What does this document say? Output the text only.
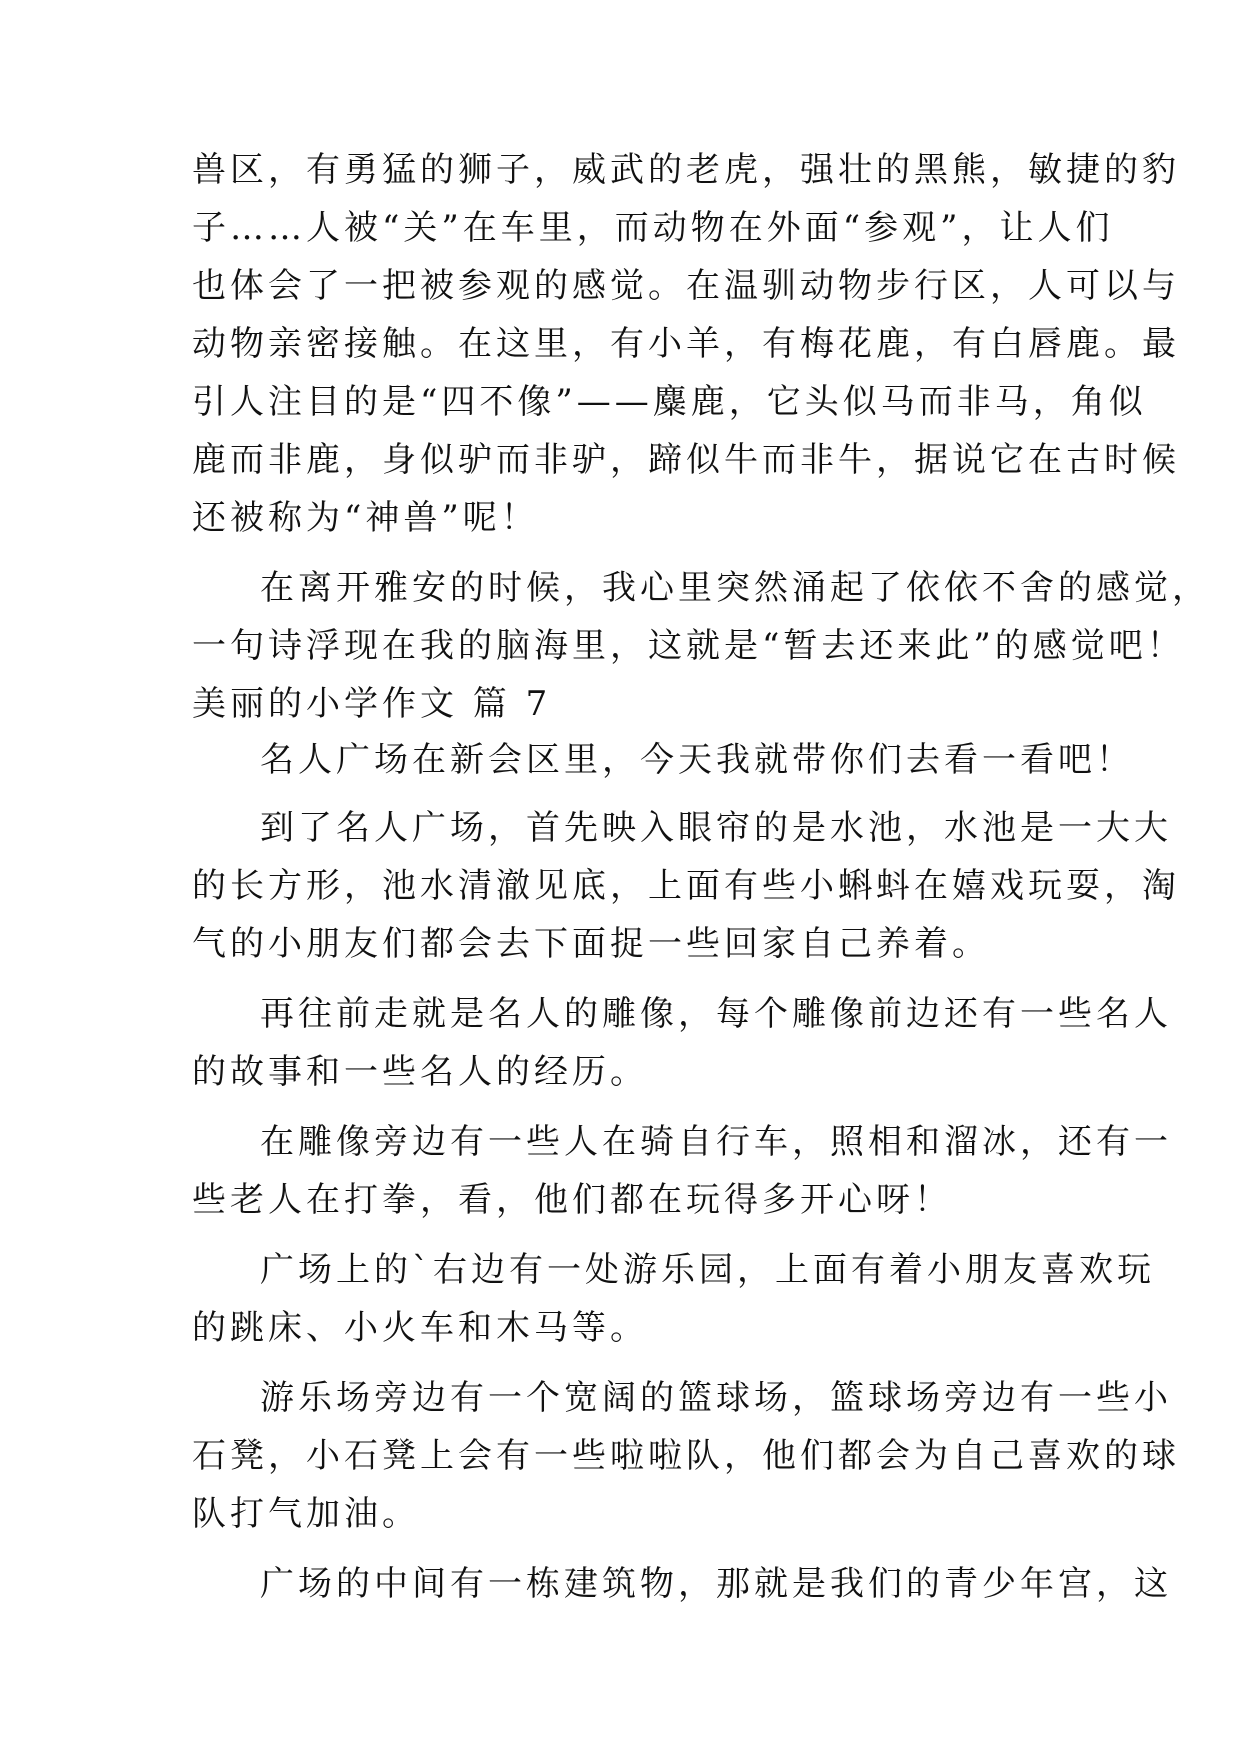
兽区，有勇猛的狮子，威武的老虎，强壮的黑熊，敏捷的豹
子……人被“关”在车里，而动物在外面“参观”，让人们
也体会了一把被参观的感觉。在温驯动物步行区，人可以与
动物亲密接触。在这里，有小羊，有梅花鹿，有白唇鹿。最
引人注目的是“四不像”——麋鹿，它头似马而非马，角似
鹿而非鹿，身似驴而非驴，蹄似牛而非牛，据说它在古时候
还被称为“神兽”呢！
在离开雅安的时候，我心里突然涌起了依依不舍的感觉，
一句诗浮现在我的脑海里，这就是“暂去还来此”的感觉吧！
美丽的小学作文 篇 7
名人广场在新会区里，今天我就带你们去看一看吧！
到了名人广场，首先映入眼帘的是水池，水池是一大大
的长方形，池水清澈见底，上面有些小蝌蚪在嬉戏玩耍，淘
气的小朋友们都会去下面捉一些回家自己养着。
再往前走就是名人的雕像，每个雕像前边还有一些名人
的故事和一些名人的经历。
在雕像旁边有一些人在骑自行车，照相和溜冰，还有一
些老人在打拳，看，他们都在玩得多开心呀！
广场上的`右边有一处游乐园，上面有着小朋友喜欢玩
的跳床、小火车和木马等。
游乐场旁边有一个宽阔的篮球场，篮球场旁边有一些小
石凳，小石凳上会有一些啦啦队，他们都会为自己喜欢的球
队打气加油。
广场的中间有一栋建筑物，那就是我们的青少年宫，这
